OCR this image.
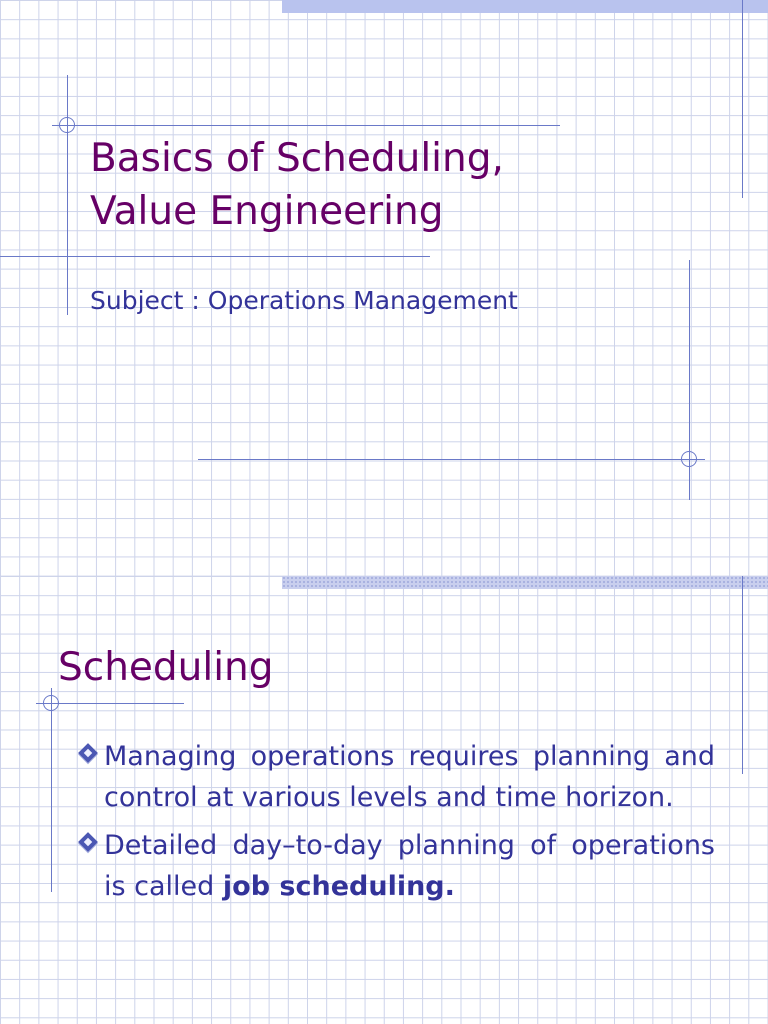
Basics of Scheduling,
Value Engineering

Subject : Operations Management

Scheduling
Managing operations requires planning and control at various levels and time horizon.
Detailed day–to-day planning of operations is called job scheduling.
